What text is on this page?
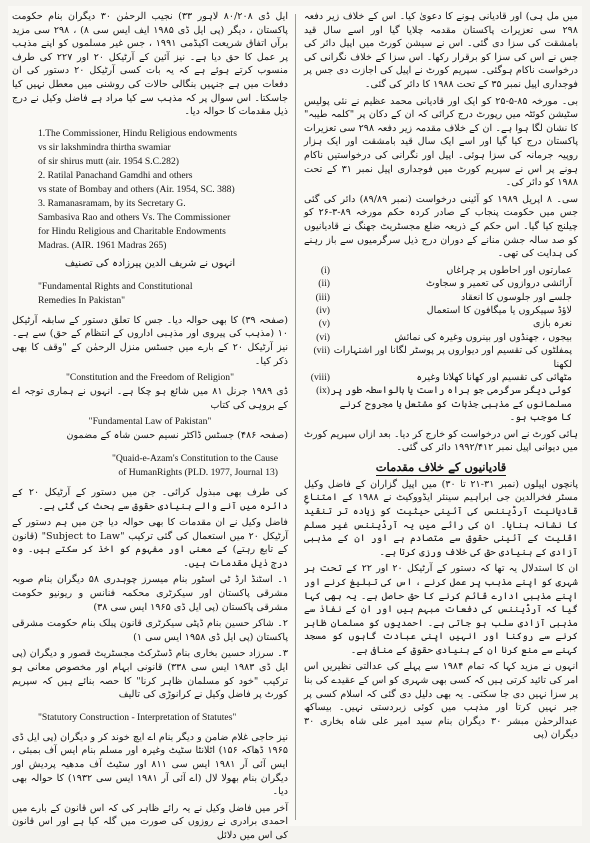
ایل ڈی ۸۰/۲۰۸ لاہور ۳۳) نجیب الرحمٰن ۳۰ دیگران بنام حکومت پاکستان ، دیگر (پی ایل ڈی ۱۹۸۵ ایف ایس سی ۸) ، ۲۹۸ سی مزید برآں اتفاق شریعت اکیڈمی ۱۹۹۱ ، جس غیر مسلموں کو اپنے مذہب پر عمل کا حق دیا ہے۔ نیز آئین کے آرٹیکل ۲۰ اور ۲۲۷ کی طرف منسوب کرتے ہوئے ہے کہ یہ بات کسی آرٹیکل ۲۰ دستور کی ان دفعات میں ہے جنہیں بنگالی حالات کی روشنی میں معطل نہیں کیا جاسکتا۔ اس سوال پر کہ مذہب سے کیا مراد ہے فاضل وکیل نے درج ذیل مقدمات کا حوالہ دیا۔

1.The Commissioner, Hindu Religious endowments

vs sir lakshmindra thirtha swamiar

of sir shirus mutt (air. 1954 S.C.282)

2. Ratilal Panachand Gamdhi and others

vs state of Bombay and others (Air. 1954, SC. 388)

3. Ramanasramam, by its Secretary G.

Sambasiva Rao and others Vs. The Commissioner

for Hindu Religious and Charitable Endowments

Madras. (AIR. 1961 Madras 265)

انہوں نے شریف الدین پیرزادہ کی تصنیف

"Fundamental Rights and Constitutional

Remedies In Pakistan"

(صفحہ ۳۹) کا بھی حوالہ دیا۔ جس کا تعلق دستور کے سابقہ آرٹیکل ۱۰ (مذہب کی پیروی اور مذہبی اداروں کے انتظام کے حق) سے ہے۔ نیز آرٹیکل ۲۰ کے بارے میں جسٹس منزل الرحمٰن کے "وقف کا بھی ذکر کیا۔

"Constitution and the Freedom of Religion"

ڈی ۱۹۸۹ جرنل ۸۱ میں شائع ہو چکا ہے۔ انہوں نے ہماری توجہ اے کے بروہی کی کتاب

"Fundamental Law of Pakistan"

(صفحہ ۴۸۶) جسٹس ڈاکٹر نسیم حسن شاہ کے مضمون

"Quaid-e-Azam's Constitution to the Cause

of HumanRights (PLD. 1977, Journal 13)

کی طرف بھی مبذول کرائی۔ جن میں دستور کے آرٹیکل ۲۰ کے دائرہ میں آنے والے بنیادی حقوق سے بحث کی گئی ہے۔

فاضل وکیل نے ان مقدمات کا بھی حوالہ دیا جن میں ہم دستور کے آرٹیکل ۲۰ میں استعمال کی گئی ترکیب "Subject to Law" (قانون کے تابع رہتے) کے معنی اور مفہوم کو اخذ کر سکتے ہیں۔ وہ درج ذیل مقدمات ہیں۔

۱۔ اسٹنڈ ارڈ ٹی اسٹور بنام میسرز چوہدری ۵۸ دیگران بنام صوبہ مشرقی پاکستان اور سیکرٹری محکمہ فنانس و ریونیو حکومت مشرقی پاکستان (پی ایل ڈی ۱۹۶۵ ایس سی ۳۸)

۲۔ شاکر حسین بنام ڈپٹی سیکرٹری قانون پبلک بنام حکومت مشرقی پاکستان (پی ایل ڈی ۱۹۵۸ ایس سی ۱)

۳۔ سرزاد حسین بخاری بنام ڈسٹرکٹ مجسٹریٹ قصور و دیگران (پی ایل ڈی ۱۹۸۳ ایس سی ۳۳۸) قانونی ابہام اور مخصوص معانی ہو ترکیب "خود کو مسلمان ظاہر کرنا" کا حصہ بنائے ہیں کہ سپریم کورٹ پر فاضل وکیل نے کرانوڑی کی تالیف

"Statutory Construction - Interpretation of Statutes"

نیز حاجی غلام ضامن و دیگر بنام اے ایچ خوند کر و دیگران (پی ایل ڈی ۱۹۶۵ ڈھاکہ ۱۵۶) اٹلانٹا سٹیٹ وغیرہ اور مسلم بنام ایس آف بمبئی ، ایس آئی آر ۱۹۸۱ ایس سی ۸۱۱ اور سٹیٹ آف مدھیہ پردیش اور دیگران بنام بھولا لال (اے آئی آر ۱۹۸۱ ایس سی ۱۹۳۲) کا حوالہ بھی دیا۔

آخر میں فاضل وکیل نے یہ رائے ظاہر کی کہ اس قانون کے بارے میں احمدی برادری نے روزوں کی صورت میں گلہ کیا ہے اور اس قانون کی اس میں دلائل

میں مل ہی) اور قادیانی ہونے کا دعویٰ کیا۔ اس کے خلاف زیر دفعہ ۲۹۸ سی تعزیرات پاکستان مقدمہ چلایا گیا اور اسے سال قید بامشقت کی سزا دی گئی۔ اس نے سیشن کورٹ میں اپیل دائر کی جس نے اس کی سزا کو برقرار رکھا۔ اس سزا کے خلاف نگرانی کی درخواست ناکام ہوگئی۔ سپریم کورٹ نے اپیل کی اجازت دی جس پر فوجداری اپیل نمبر ۳۵ کے تحت ۱۹۸۸ کا دائر کی گئی۔

بی۔ مورخہ ۸۵-۵-۲۵ کو ایک اور قادیانی محمد عظیم نے نئی پولیس سٹیشن کوئٹہ میں رپورٹ درج کرائی کہ ان کے دکان پر "کلمہ طیبہ" کا نشان لگا ہوا ہے۔ ان کے خلاف مقدمہ زیر دفعہ ۲۹۸ سی تعزیرات پاکستان درج کیا گیا اور اسے ایک سال قید بامشقت اور ایک ہزار روپیہ جرمانہ کی سزا ہوئی۔ اپیل اور نگرانی کی درخواستیں ناکام ہونے پر اس نے سپریم کورٹ میں فوجداری اپیل نمبر ۳۱ کے تحت ۱۹۸۸ کو دائر کی۔

سی۔ ۸ اپریل ۱۹۸۹ کو آئینی درخواست (نمبر ۸۹/۸۹) دائر کی گئی جس میں حکومت پنجاب کے صادر کردہ حکم مورخہ ۸۹-۳-۲۶ کو چیلنج کیا گیا۔ اس حکم کے ذریعہ ضلع مجسٹریٹ جھنگ نے قادیانیوں کو صد سالہ جشن منانے کے دوران درج ذیل سرگرمیوں سے باز رہنے کی ہدایت کی تھی۔

عمارتوں اور احاطوں پر چراغاں
(i)
آرائشی دروازوں کی تعمیر و سجاوٹ
(ii)
جلسے اور جلوسوں کا انعقاد
(iii)
لاؤڈ سپیکروں یا میگافون کا استعمال
(iv)
نعرہ بازی
(v)
بیجوں ، جھنڈوں اور بینروں وغیرہ کی نمائش
(vi)
پمفلٹوں کی تقسیم اور دیواروں پر پوسٹر لگانا اور اشتہارات لکھنا
(vii)
مٹھائی کی تقسیم اور کھانا کھلانا وغیرہ
(viii)
کوئی دیگر سرگرمی جو براہ راست یا بالواسطہ طور پر مسلمانوں کے مذہبی جذبات کو مشتعل یا مجروح کرنے کا موجب ہو۔
(ix)

ہائی کورٹ نے اس درخواست کو خارج کر دیا۔ بعد ازاں سپریم کورٹ میں دیوانی اپیل نمبر ۱۹۹۲/۴۱۲ دائر کی گئی۔

قادیانیوں کے خلاف مقدمات

پانچوں اپیلوں (نمبر ۳۱-۲۱ تا ۳۰) میں اپیل گزاران کے فاضل وکیل مسٹر فخرالدین جی ابراہیم سینئر ایڈووکیٹ نے ۱۹۸۸ کے امتناعِ قادیانیت آرڈیننس کی آئینی حیثیت کو زیادہ تر تنقید کا نشانہ بنایا۔ ان کی رائے میں یہ آرڈیننس غیر مسلم اقلیت کے آئینی حقوق سے متصادم ہے اور ان کے مذہبی آزادی کے بنیادی حق کی خلاف ورزی کرتا ہے۔

ان کا استدلال یہ تھا کہ دستور کے آرٹیکل ۲۰ اور ۲۲ کے تحت ہر شہری کو اپنے مذہب پر عمل کرنے ، اس کی تبلیغ کرنے اور اپنے مذہبی ادارے قائم کرنے کا حق حاصل ہے۔ یہ بھی کہا گیا کہ آرڈیننس کی دفعات مبہم ہیں اور ان کے نفاذ سے مذہبی آزادی سلب ہو جاتی ہے۔ احمدیوں کو مسلمان ظاہر کرنے سے روکنا اور انہیں اپنی عبادت گاہوں کو مسجد کہنے سے منع کرنا ان کے بنیادی حقوق کے منافی ہے۔

انہوں نے مزید کہا کہ تمام ۱۹۸۴ سے پہلے کی عدالتی نظیریں اس امر کی تائید کرتی ہیں کہ کسی بھی شہری کو اس کے عقیدے کی بنا پر سزا نہیں دی جا سکتی۔ یہ بھی دلیل دی گئی کہ اسلام کسی پر جبر نہیں کرتا اور مذہب میں کوئی زبردستی نہیں۔ بیساکھ عبدالرحمٰن مبشر ۳۰ دیگران بنام سید امیر علی شاہ بخاری ۳۰ دیگران (پی
